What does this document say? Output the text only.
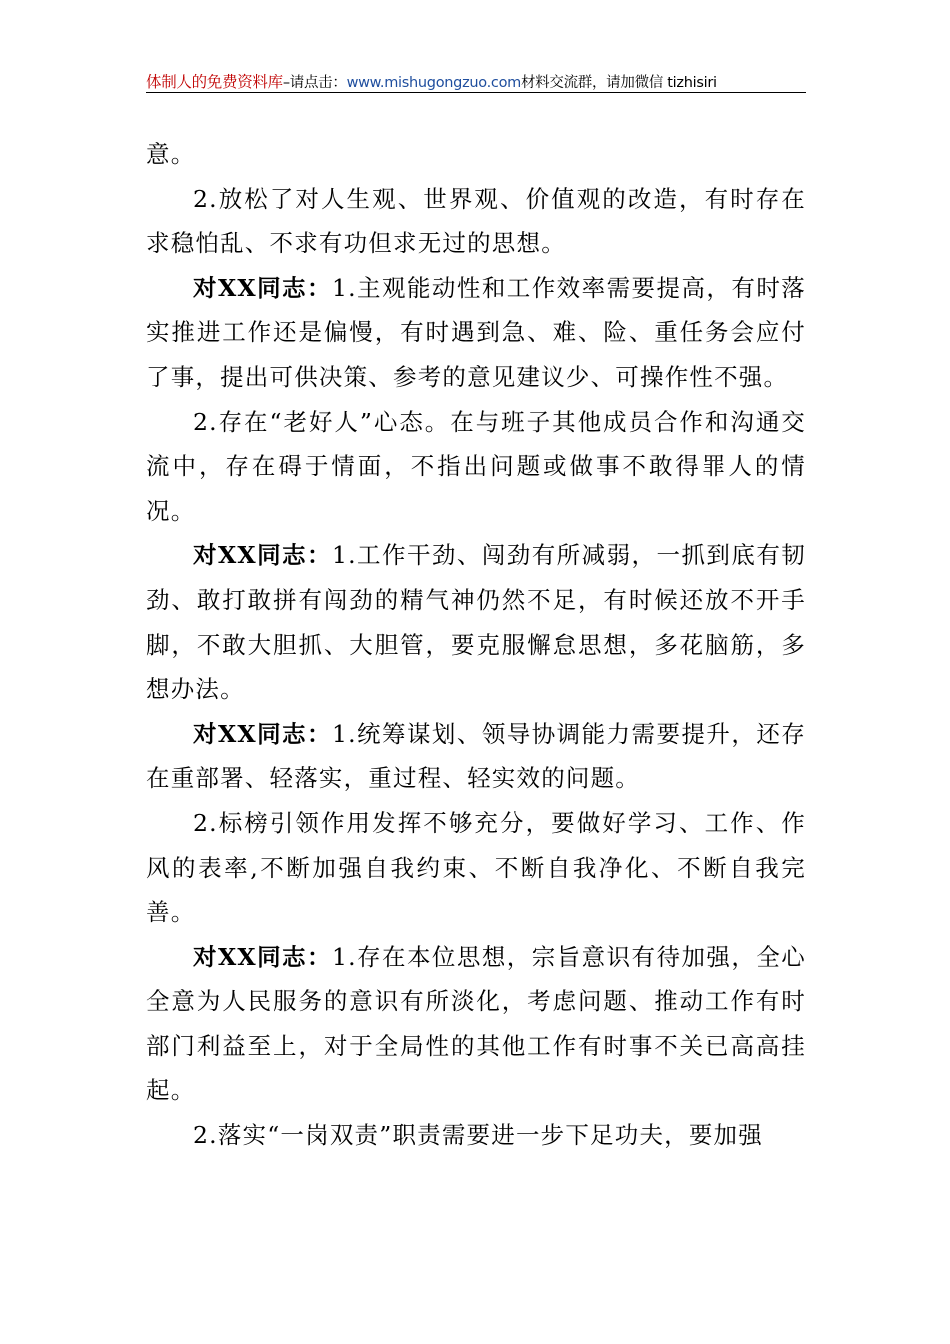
体制人的免费资料库–请点击：www.mishugongzuo.com材料交流群，请加微信 tizhisiri

意。

2.放松了对人生观、世界观、价值观的改造，有时存在求稳怕乱、不求有功但求无过的思想。

对XX同志：1.主观能动性和工作效率需要提高，有时落实推进工作还是偏慢，有时遇到急、难、险、重任务会应付了事，提出可供决策、参考的意见建议少、可操作性不强。

2.存在“老好人”心态。在与班子其他成员合作和沟通交流中，存在碍于情面，不指出问题或做事不敢得罪人的情况。

对XX同志：1.工作干劲、闯劲有所减弱，一抓到底有韧劲、敢打敢拼有闯劲的精气神仍然不足，有时候还放不开手脚，不敢大胆抓、大胆管，要克服懈怠思想，多花脑筋，多想办法。

对XX同志：1.统筹谋划、领导协调能力需要提升，还存在重部署、轻落实，重过程、轻实效的问题。

2.标榜引领作用发挥不够充分，要做好学习、工作、作风的表率,不断加强自我约束、不断自我净化、不断自我完善。

对XX同志：1.存在本位思想，宗旨意识有待加强，全心全意为人民服务的意识有所淡化，考虑问题、推动工作有时部门利益至上，对于全局性的其他工作有时事不关已高高挂起。

2.落实“一岗双责”职责需要进一步下足功夫，要加强
